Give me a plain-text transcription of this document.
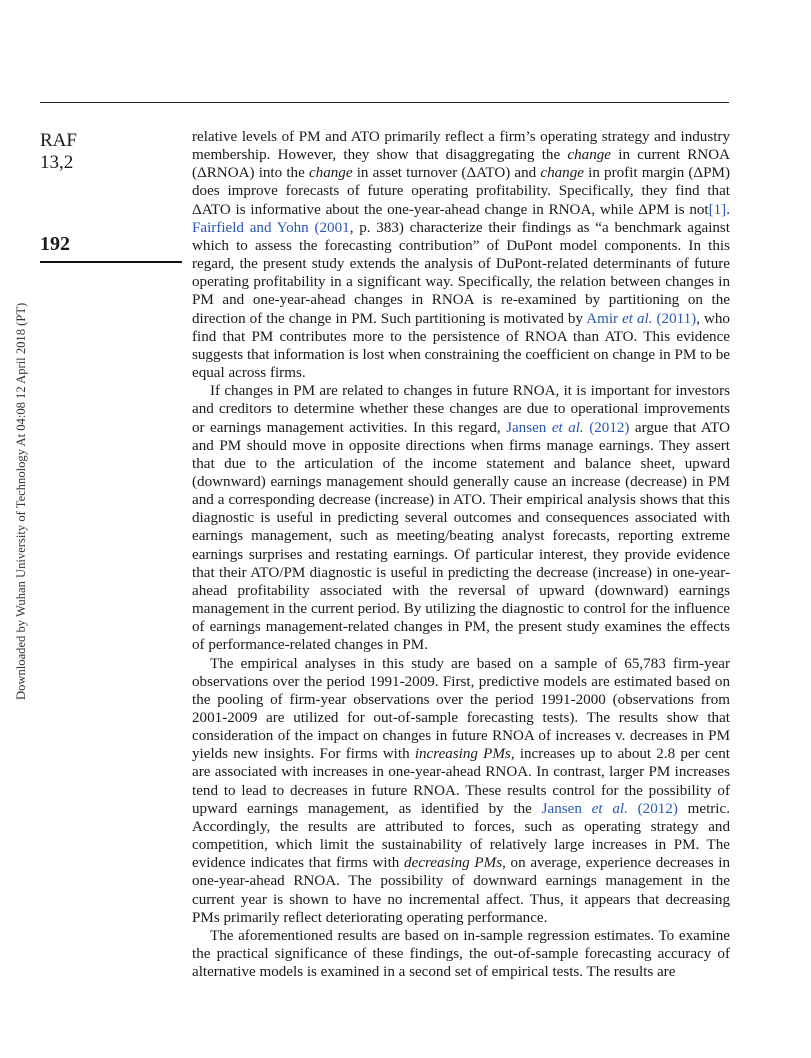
RAF
13,2
192
Downloaded by Wuhan University of Technology At 04:08 12 April 2018 (PT)

relative levels of PM and ATO primarily reflect a firm’s operating strategy and industry membership. However, they show that disaggregating the change in current RNOA (ΔRNOA) into the change in asset turnover (ΔATO) and change in profit margin (ΔPM) does improve forecasts of future operating profitability. Specifically, they find that ΔATO is informative about the one-year-ahead change in RNOA, while ΔPM is not[1]. Fairfield and Yohn (2001, p. 383) characterize their findings as “a benchmark against which to assess the forecasting contribution” of DuPont model components. In this regard, the present study extends the analysis of DuPont-related determinants of future operating profitability in a significant way. Specifically, the relation between changes in PM and one-year-ahead changes in RNOA is re-examined by partitioning on the direction of the change in PM. Such partitioning is motivated by Amir et al. (2011), who find that PM contributes more to the persistence of RNOA than ATO. This evidence suggests that information is lost when constraining the coefficient on change in PM to be equal across firms.

If changes in PM are related to changes in future RNOA, it is important for investors and creditors to determine whether these changes are due to operational improvements or earnings management activities. In this regard, Jansen et al. (2012) argue that ATO and PM should move in opposite directions when firms manage earnings. They assert that due to the articulation of the income statement and balance sheet, upward (downward) earnings management should generally cause an increase (decrease) in PM and a corresponding decrease (increase) in ATO. Their empirical analysis shows that this diagnostic is useful in predicting several outcomes and consequences associated with earnings management, such as meeting/beating analyst forecasts, reporting extreme earnings surprises and restating earnings. Of particular interest, they provide evidence that their ATO/PM diagnostic is useful in predicting the decrease (increase) in one-year-ahead profitability associated with the reversal of upward (downward) earnings management in the current period. By utilizing the diagnostic to control for the influence of earnings management-related changes in PM, the present study examines the effects of performance-related changes in PM.

The empirical analyses in this study are based on a sample of 65,783 firm-year observations over the period 1991-2009. First, predictive models are estimated based on the pooling of firm-year observations over the period 1991-2000 (observations from 2001-2009 are utilized for out-of-sample forecasting tests). The results show that consideration of the impact on changes in future RNOA of increases v. decreases in PM yields new insights. For firms with increasing PMs, increases up to about 2.8 per cent are associated with increases in one-year-ahead RNOA. In contrast, larger PM increases tend to lead to decreases in future RNOA. These results control for the possibility of upward earnings management, as identified by the Jansen et al. (2012) metric. Accordingly, the results are attributed to forces, such as operating strategy and competition, which limit the sustainability of relatively large increases in PM. The evidence indicates that firms with decreasing PMs, on average, experience decreases in one-year-ahead RNOA. The possibility of downward earnings management in the current year is shown to have no incremental affect. Thus, it appears that decreasing PMs primarily reflect deteriorating operating performance.

The aforementioned results are based on in-sample regression estimates. To examine the practical significance of these findings, the out-of-sample forecasting accuracy of alternative models is examined in a second set of empirical tests. The results are
